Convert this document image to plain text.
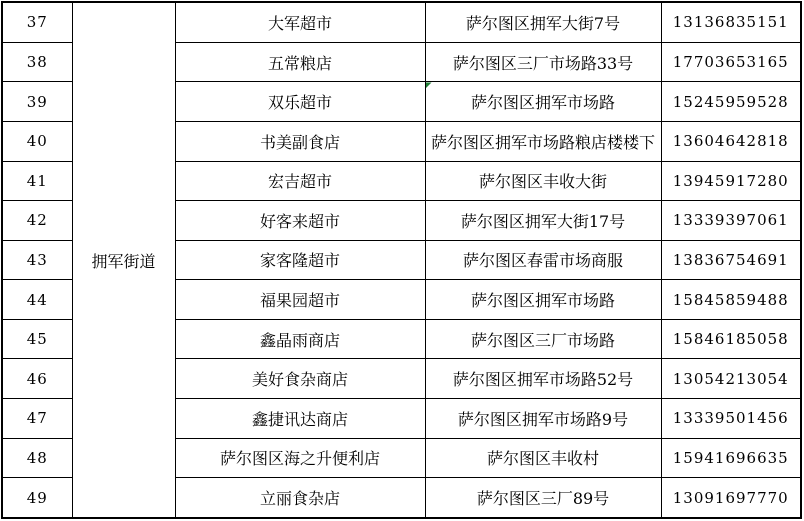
37	拥军街道	大军超市	萨尔图区拥军大街7号	13136835151
38		五常粮店	萨尔图区三厂市场路33号	17703653165
39		双乐超市	萨尔图区拥军市场路	15245959528
40		书美副食店	萨尔图区拥军市场路粮店楼楼下	13604642818
41		宏吉超市	萨尔图区丰收大街	13945917280
42		好客来超市	萨尔图区拥军大街17号	13339397061
43		家客隆超市	萨尔图区春雷市场商服	13836754691
44		福果园超市	萨尔图区拥军市场路	15845859488
45		鑫晶雨商店	萨尔图区三厂市场路	15846185058
46		美好食杂商店	萨尔图区拥军市场路52号	13054213054
47		鑫捷讯达商店	萨尔图区拥军市场路9号	13339501456
48		萨尔图区海之升便利店	萨尔图区丰收村	15941696635
49		立丽食杂店	萨尔图区三厂89号	13091697770
